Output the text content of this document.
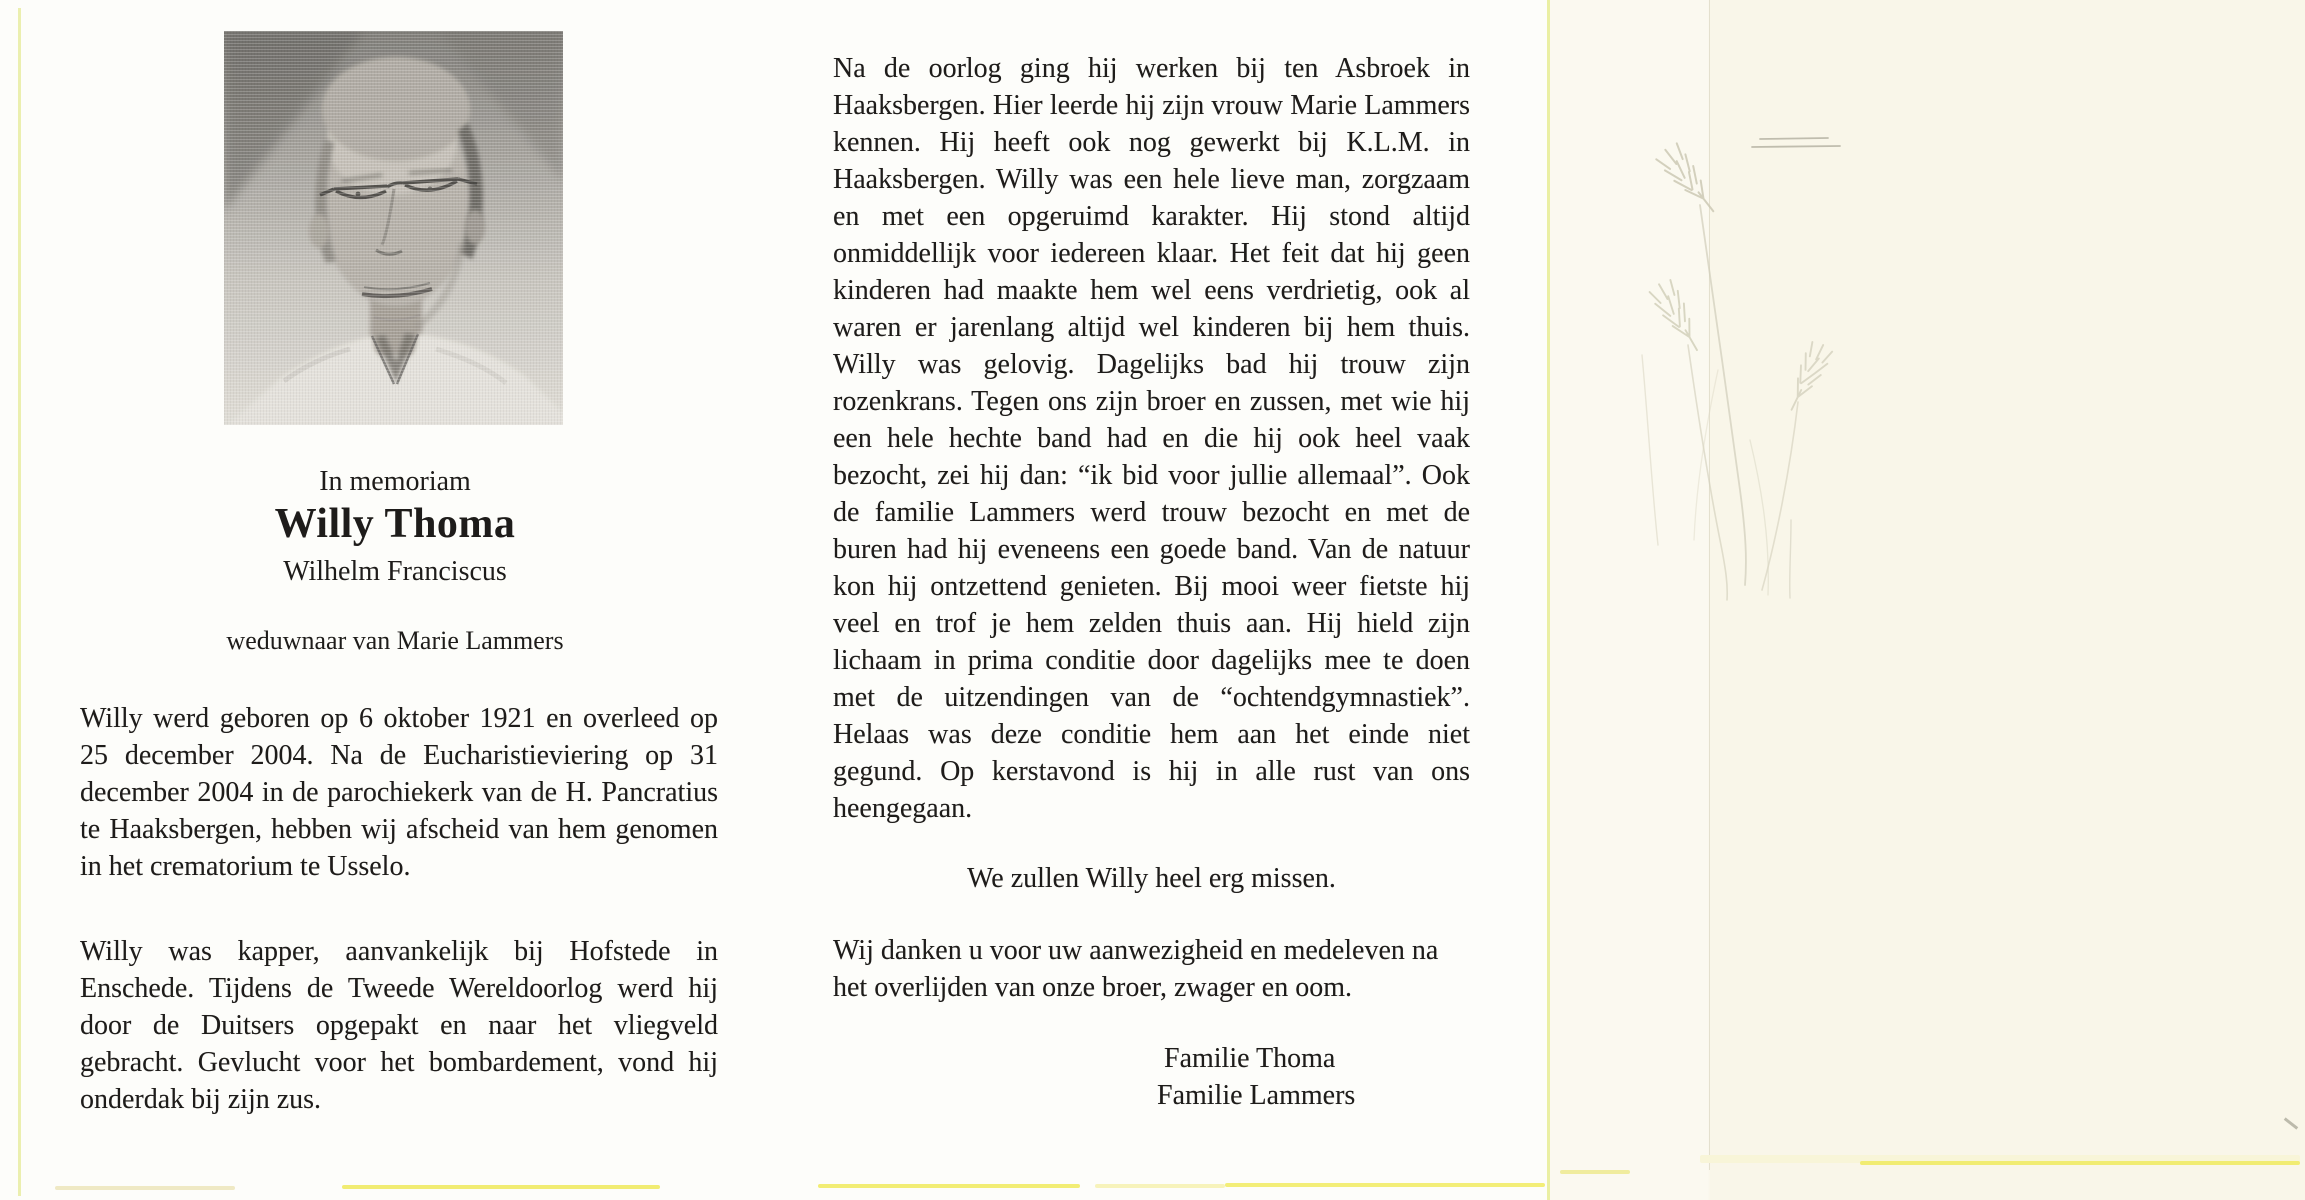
In memoriam
Willy Thoma
Wilhelm Franciscus
weduwnaar van Marie Lammers
Willy werd geboren op 6 oktober 1921 en overleed op 25 december 2004. Na de Eucharistieviering op 31 december 2004 in de parochiekerk van de H. Pancratius te Haaksbergen, hebben wij afscheid van hem genomen in het crematorium te Usselo.
Willy was kapper, aanvankelijk bij Hofstede in Enschede. Tijdens de Tweede Wereldoorlog werd hij door de Duitsers opgepakt en naar het vliegveld gebracht. Gevlucht voor het bombardement, vond hij onderdak bij zijn zus.
Na de oorlog ging hij werken bij ten Asbroek in Haaksbergen. Hier leerde hij zijn vrouw Marie Lammers kennen. Hij heeft ook nog gewerkt bij K.L.M. in Haaksbergen. Willy was een hele lieve man, zorgzaam en met een opgeruimd karakter. Hij stond altijd onmiddellijk voor iedereen klaar. Het feit dat hij geen kinderen had maakte hem wel eens verdrietig, ook al waren er jarenlang altijd wel kinderen bij hem thuis. Willy was gelovig. Dagelijks bad hij trouw zijn rozenkrans. Tegen ons zijn broer en zussen, met wie hij een hele hechte band had en die hij ook heel vaak bezocht, zei hij dan: “ik bid voor jullie allemaal”. Ook de familie Lammers werd trouw bezocht en met de buren had hij eveneens een goede band. Van de natuur kon hij ontzettend genieten. Bij mooi weer fietste hij veel en trof je hem zelden thuis aan. Hij hield zijn lichaam in prima conditie door dagelijks mee te doen met de uitzendingen van de “ochtendgymnastiek”. Helaas was deze conditie hem aan het einde niet gegund. Op kerstavond is hij in alle rust van ons heengegaan.
We zullen Willy heel erg missen.
Wij danken u voor uw aanwezigheid en medeleven na het overlijden van onze broer, zwager en oom.
Familie Thoma
Familie Lammers
